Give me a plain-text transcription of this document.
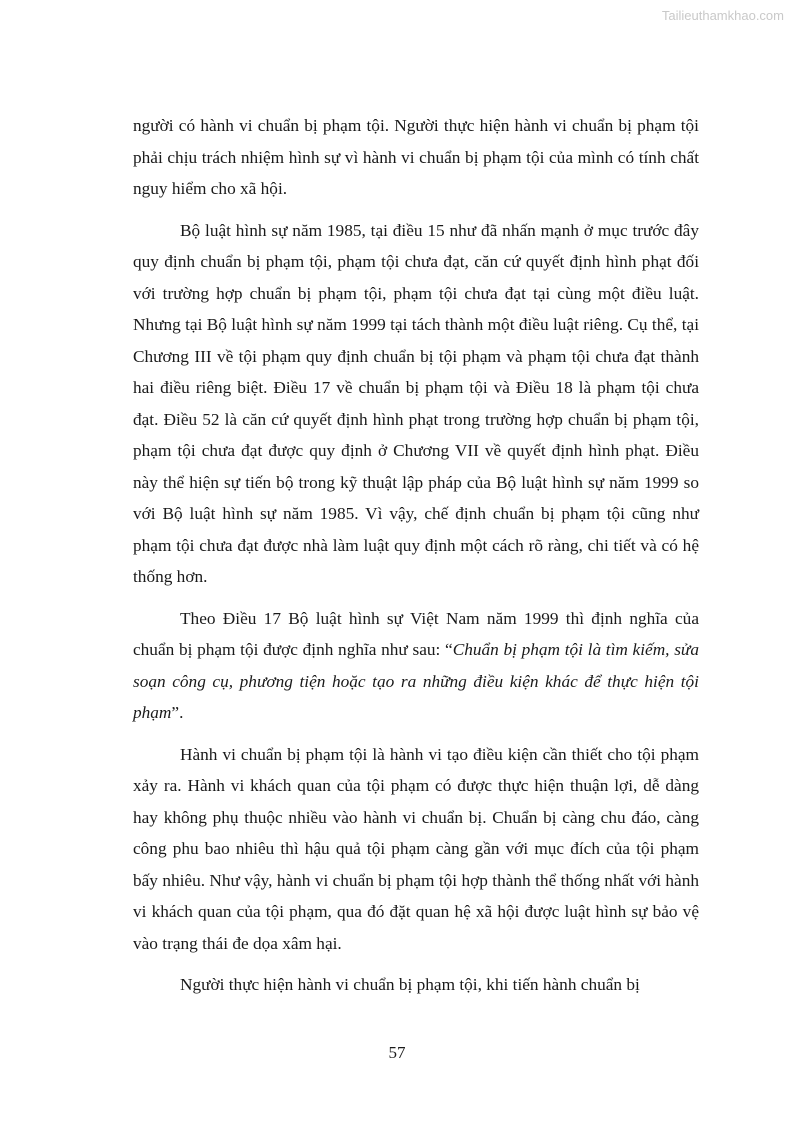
Tailieuthamkhao.com

người có hành vi chuẩn bị phạm tội. Người thực hiện hành vi chuẩn bị phạm tội phải chịu trách nhiệm hình sự vì hành vi chuẩn bị phạm tội của mình có tính chất nguy hiểm cho xã hội.

Bộ luật hình sự năm 1985, tại điều 15 như đã nhấn mạnh ở mục trước đây quy định chuẩn bị phạm tội, phạm tội chưa đạt, căn cứ quyết định hình phạt đối với trường hợp chuẩn bị phạm tội, phạm tội chưa đạt tại cùng một điều luật. Nhưng tại Bộ luật hình sự năm 1999 tại tách thành một điều luật riêng. Cụ thể, tại Chương III về tội phạm quy định chuẩn bị tội phạm và phạm tội chưa đạt thành hai điều riêng biệt. Điều 17 về chuẩn bị phạm tội và Điều 18 là phạm tội chưa đạt. Điều 52 là căn cứ quyết định hình phạt trong trường hợp chuẩn bị phạm tội, phạm tội chưa đạt được quy định ở Chương VII về quyết định hình phạt. Điều này thể hiện sự tiến bộ trong kỹ thuật lập pháp của Bộ luật hình sự năm 1999 so với Bộ luật hình sự năm 1985. Vì vậy, chế định chuẩn bị phạm tội cũng như phạm tội chưa đạt được nhà làm luật quy định một cách rõ ràng, chi tiết và có hệ thống hơn.

Theo Điều 17 Bộ luật hình sự Việt Nam năm 1999 thì định nghĩa của chuẩn bị phạm tội được định nghĩa như sau: “Chuẩn bị phạm tội là tìm kiếm, sửa soạn công cụ, phương tiện hoặc tạo ra những điều kiện khác để thực hiện tội phạm”.

Hành vi chuẩn bị phạm tội là hành vi tạo điều kiện cần thiết cho tội phạm xảy ra. Hành vi khách quan của tội phạm có được thực hiện thuận lợi, dễ dàng hay không phụ thuộc nhiều vào hành vi chuẩn bị. Chuẩn bị càng chu đáo, càng công phu bao nhiêu thì hậu quả tội phạm càng gần với mục đích của tội phạm bấy nhiêu. Như vậy, hành vi chuẩn bị phạm tội hợp thành thể thống nhất với hành vi khách quan của tội phạm, qua đó đặt quan hệ xã hội được luật hình sự bảo vệ vào trạng thái đe dọa xâm hại.

Người thực hiện hành vi chuẩn bị phạm tội, khi tiến hành chuẩn bị

57
